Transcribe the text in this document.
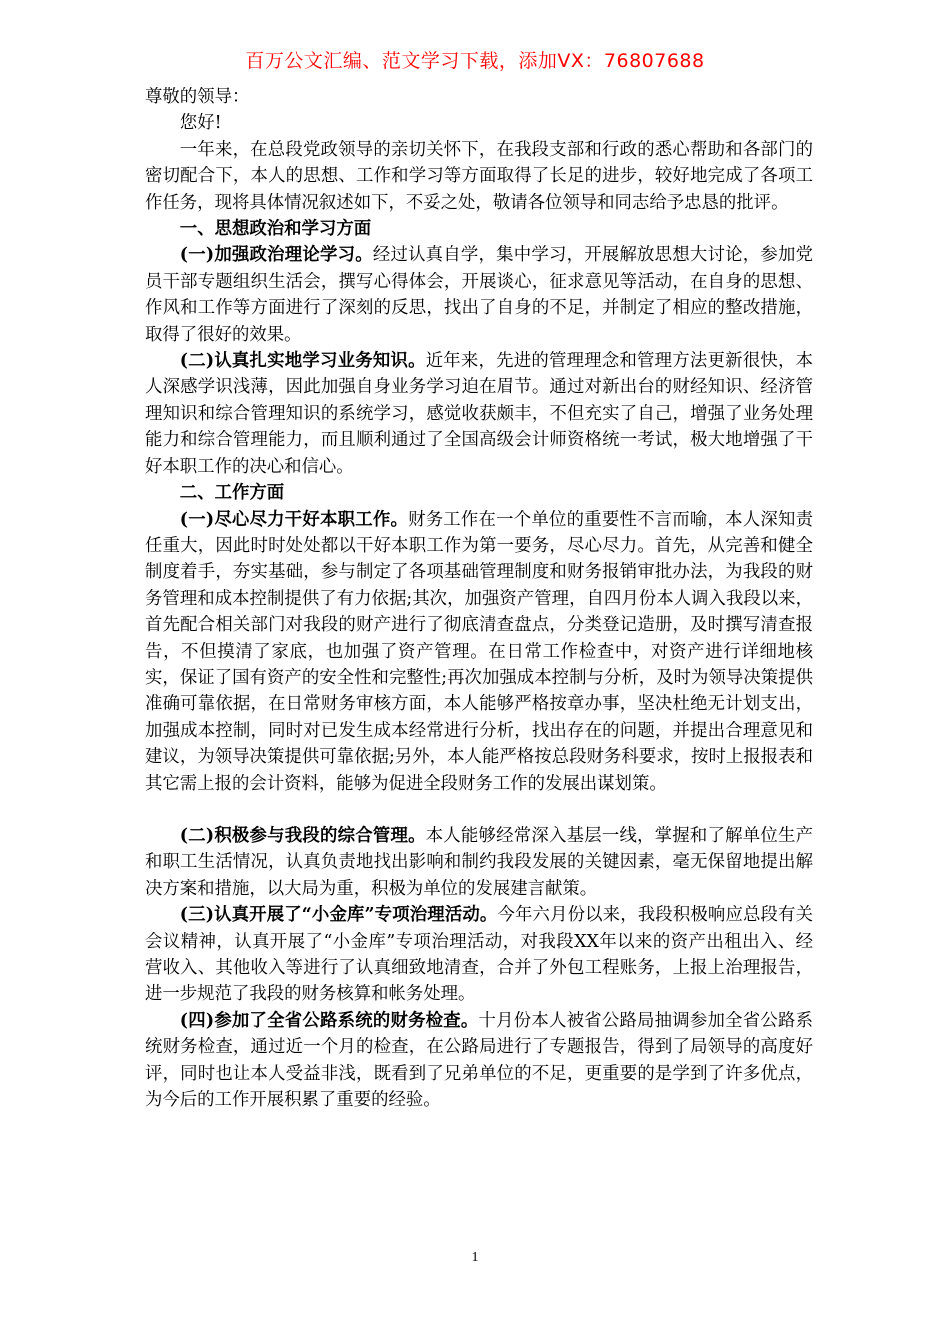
百万公文汇编、范文学习下载，添加VX：76807688

尊敬的领导：

您好!

一年来，在总段党政领导的亲切关怀下，在我段支部和行政的悉心帮助和各部门的密切配合下，本人的思想、工作和学习等方面取得了长足的进步，较好地完成了各项工作任务，现将具体情况叙述如下，不妥之处，敬请各位领导和同志给予忠恳的批评。

一、思想政治和学习方面

(一)加强政治理论学习。经过认真自学，集中学习，开展解放思想大讨论，参加党员干部专题组织生活会，撰写心得体会，开展谈心，征求意见等活动，在自身的思想、作风和工作等方面进行了深刻的反思，找出了自身的不足，并制定了相应的整改措施，取得了很好的效果。

(二)认真扎实地学习业务知识。近年来，先进的管理理念和管理方法更新很快，本人深感学识浅薄，因此加强自身业务学习迫在眉节。通过对新出台的财经知识、经济管理知识和综合管理知识的系统学习，感觉收获颇丰，不但充实了自己，增强了业务处理能力和综合管理能力，而且顺利通过了全国高级会计师资格统一考试，极大地增强了干好本职工作的决心和信心。

二、工作方面

(一)尽心尽力干好本职工作。财务工作在一个单位的重要性不言而喻，本人深知责任重大，因此时时处处都以干好本职工作为第一要务，尽心尽力。首先，从完善和健全制度着手，夯实基础，参与制定了各项基础管理制度和财务报销审批办法，为我段的财务管理和成本控制提供了有力依据;其次，加强资产管理，自四月份本人调入我段以来，首先配合相关部门对我段的财产进行了彻底清查盘点，分类登记造册，及时撰写清查报告，不但摸清了家底，也加强了资产管理。在日常工作检查中，对资产进行详细地核实，保证了国有资产的安全性和完整性;再次加强成本控制与分析，及时为领导决策提供准确可靠依据，在日常财务审核方面，本人能够严格按章办事，坚决杜绝无计划支出，加强成本控制，同时对已发生成本经常进行分析，找出存在的问题，并提出合理意见和建议，为领导决策提供可靠依据;另外，本人能严格按总段财务科要求，按时上报报表和其它需上报的会计资料，能够为促进全段财务工作的发展出谋划策。

(二)积极参与我段的综合管理。本人能够经常深入基层一线，掌握和了解单位生产和职工生活情况，认真负责地找出影响和制约我段发展的关键因素，毫无保留地提出解决方案和措施，以大局为重，积极为单位的发展建言献策。

(三)认真开展了“小金库”专项治理活动。今年六月份以来，我段积极响应总段有关会议精神，认真开展了“小金库”专项治理活动，对我段XX年以来的资产出租出入、经营收入、其他收入等进行了认真细致地清查，合并了外包工程账务，上报上治理报告，进一步规范了我段的财务核算和帐务处理。

(四)参加了全省公路系统的财务检查。十月份本人被省公路局抽调参加全省公路系统财务检查，通过近一个月的检查，在公路局进行了专题报告，得到了局领导的高度好评，同时也让本人受益非浅，既看到了兄弟单位的不足，更重要的是学到了许多优点，为今后的工作开展积累了重要的经验。

1
